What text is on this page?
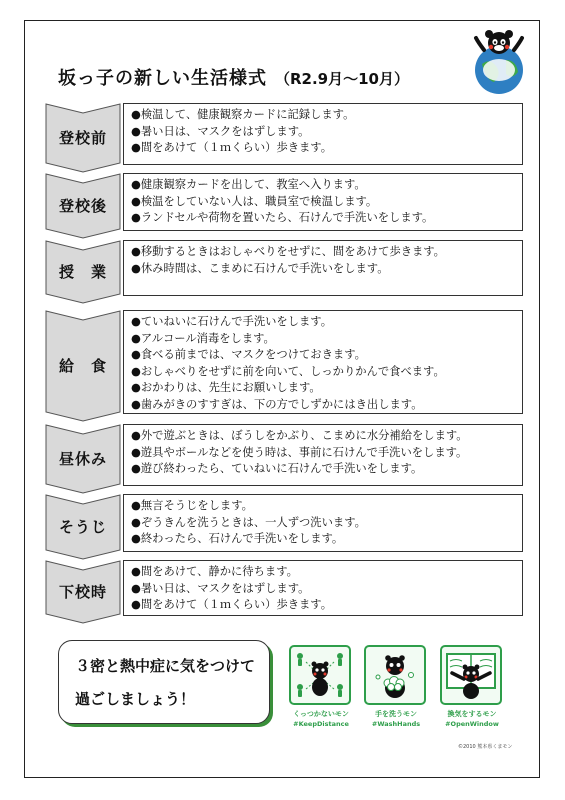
坂っ子の新しい生活様式 （R2.9月～10月）
登校前
●検温して、健康観察カードに記録します。
●暑い日は、マスクをはずします。
●間をあけて（１ｍくらい）歩きます。
登校後
●健康観察カードを出して、教室へ入ります。
●検温をしていない人は、職員室で検温します。
●ランドセルや荷物を置いたら、石けんで手洗いをします。
授　業
●移動するときはおしゃべりをせずに、間をあけて歩きます。
●休み時間は、こまめに石けんで手洗いをします。
給　食
●ていねいに石けんで手洗いをします。
●アルコール消毒をします。
●食べる前までは、マスクをつけておきます。
●おしゃべりをせずに前を向いて、しっかりかんで食べます。
●おかわりは、先生にお願いします。
●歯みがきのすすぎは、下の方でしずかにはき出します。
昼休み
●外で遊ぶときは、ぼうしをかぶり、こまめに水分補給をします。
●遊具やボールなどを使う時は、事前に石けんで手洗いをします。
●遊び終わったら、ていねいに石けんで手洗いをします。
そうじ
●無言そうじをします。
●ぞうきんを洗うときは、一人ずつ洗います。
●終わったら、石けんで手洗いをします。
下校時
●間をあけて、静かに待ちます。
●暑い日は、マスクをはずします。
●間をあけて（１ｍくらい）歩きます。
３密と熱中症に気をつけて
過ごしましょう！
くっつかないモン
#KeepDistance
手を洗うモン
#WashHands
換気をするモン
#OpenWindow
©2010 熊本県くまモン
